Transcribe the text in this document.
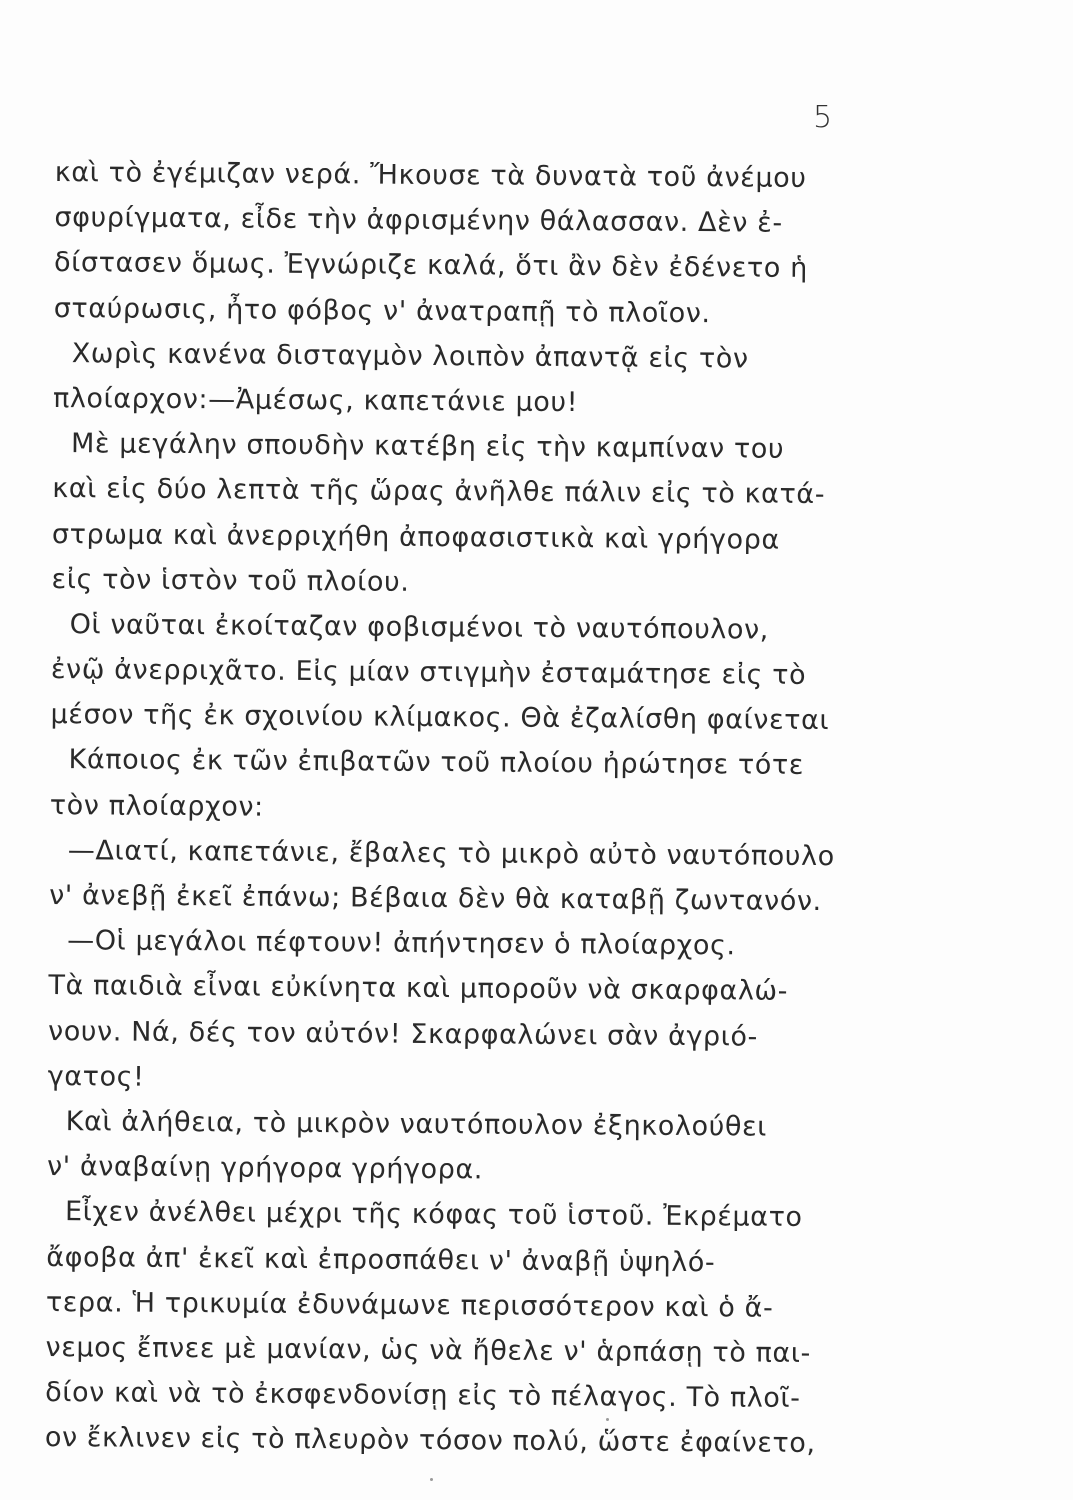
5
καὶ τὸ ἐγέμιζαν νερά. Ἤκουσε τὰ δυνατὰ τοῦ ἀνέμου
σφυρίγματα, εἶδε τὴν ἀφρισμένην θάλασσαν. Δὲν ἐ-
δίστασεν ὅμως. Ἐγνώριζε καλά, ὅτι ἂν δὲν ἐδένετο ἡ
σταύρωσις, ἦτο φόβος ν' ἀνατραπῇ τὸ πλοῖον.
Χωρὶς κανένα δισταγμὸν λοιπὸν ἀπαντᾷ εἰς τὸν
πλοίαρχον:—Ἀμέσως, καπετάνιε μου!
Μὲ μεγάλην σπουδὴν κατέβη εἰς τὴν καμπίναν του
καὶ εἰς δύο λεπτὰ τῆς ὥρας ἀνῆλθε πάλιν εἰς τὸ κατά-
στρωμα καὶ ἀνερριχήθη ἀποφασιστικὰ καὶ γρήγορα
εἰς τὸν ἱστὸν τοῦ πλοίου.
Οἱ ναῦται ἐκοίταζαν φοβισμένοι τὸ ναυτόπουλον,
ἐνῷ ἀνερριχᾶτο. Εἰς μίαν στιγμὴν ἐσταμάτησε εἰς τὸ
μέσον τῆς ἐκ σχοινίου κλίμακος. Θὰ ἐζαλίσθη φαίνεται
Κάποιος ἐκ τῶν ἐπιβατῶν τοῦ πλοίου ἠρώτησε τότε
τὸν πλοίαρχον:
—Διατί, καπετάνιε, ἔβαλες τὸ μικρὸ αὐτὸ ναυτόπουλο
ν' ἀνεβῇ ἐκεῖ ἐπάνω; Βέβαια δὲν θὰ καταβῇ ζωντανόν.
—Οἱ μεγάλοι πέφτουν! ἀπήντησεν ὁ πλοίαρχος.
Τὰ παιδιὰ εἶναι εὐκίνητα καὶ μποροῦν νὰ σκαρφαλώ-
νουν. Νά, δές τον αὐτόν! Σκαρφαλώνει σὰν ἀγριό-
γατος!
Καὶ ἀλήθεια, τὸ μικρὸν ναυτόπουλον ἐξηκολούθει
ν' ἀναβαίνῃ γρήγορα γρήγορα.
Εἶχεν ἀνέλθει μέχρι τῆς κόφας τοῦ ἱστοῦ. Ἐκρέματο
ἄφοβα ἀπ' ἐκεῖ καὶ ἐπροσπάθει ν' ἀναβῇ ὑψηλό-
τερα. Ἡ τρικυμία ἐδυνάμωνε περισσότερον καὶ ὁ ἄ-
νεμος ἔπνεε μὲ μανίαν, ὡς νὰ ἤθελε ν' ἁρπάσῃ τὸ παι-
δίον καὶ νὰ τὸ ἐκσφενδονίσῃ εἰς τὸ πέλαγος. Τὸ πλοῖ-
ον ἔκλινεν εἰς τὸ πλευρὸν τόσον πολύ, ὥστε ἐφαίνετο,
